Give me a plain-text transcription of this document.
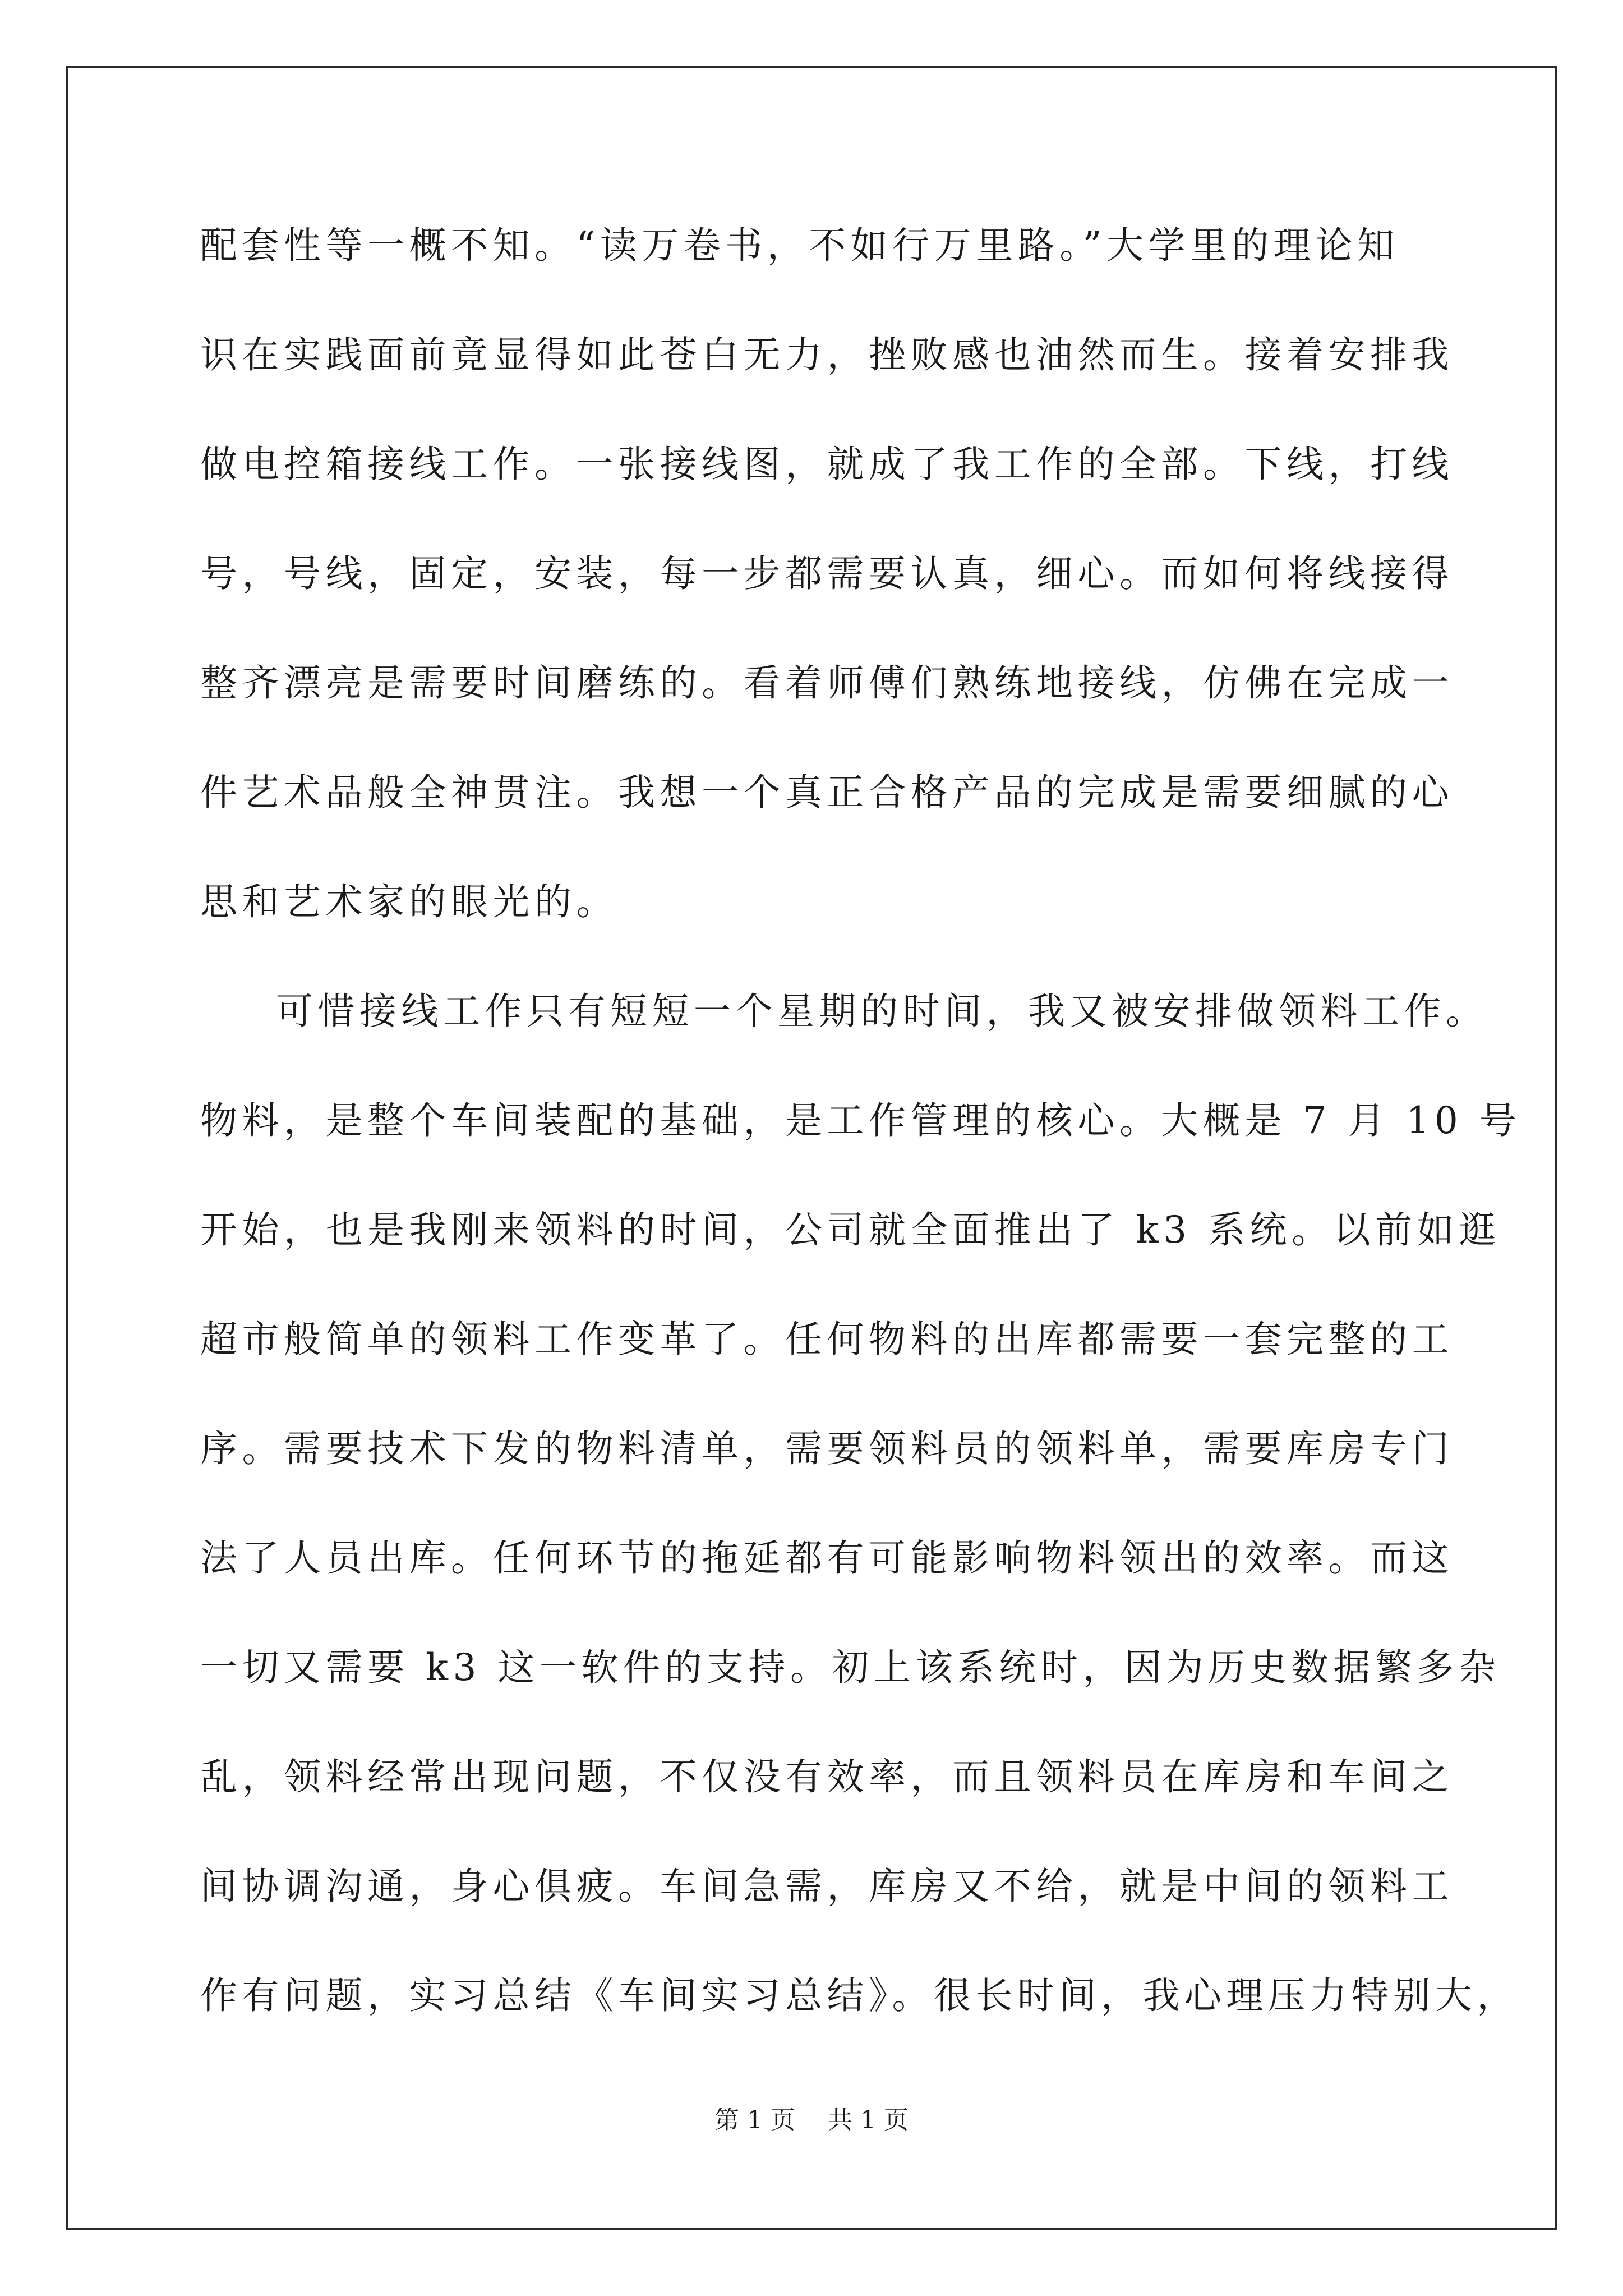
配套性等一概不知。“读万卷书，不如行万里路。”大学里的理论知
识在实践面前竟显得如此苍白无力，挫败感也油然而生。接着安排我
做电控箱接线工作。一张接线图，就成了我工作的全部。下线，打线
号，号线，固定，安装，每一步都需要认真，细心。而如何将线接得
整齐漂亮是需要时间磨练的。看着师傅们熟练地接线，仿佛在完成一
件艺术品般全神贯注。我想一个真正合格产品的完成是需要细腻的心
思和艺术家的眼光的。
可惜接线工作只有短短一个星期的时间，我又被安排做领料工作。
物料，是整个车间装配的基础，是工作管理的核心。大概是 7 月 10 号
开始，也是我刚来领料的时间，公司就全面推出了 k3 系统。以前如逛
超市般简单的领料工作变革了。任何物料的出库都需要一套完整的工
序。需要技术下发的物料清单，需要领料员的领料单，需要库房专门
法了人员出库。任何环节的拖延都有可能影响物料领出的效率。而这
一切又需要 k3 这一软件的支持。初上该系统时，因为历史数据繁多杂
乱，领料经常出现问题，不仅没有效率，而且领料员在库房和车间之
间协调沟通，身心俱疲。车间急需，库房又不给，就是中间的领料工
作有问题，实习总结《车间实习总结》。很长时间，我心理压力特别大，
第 1 页 共 1 页
